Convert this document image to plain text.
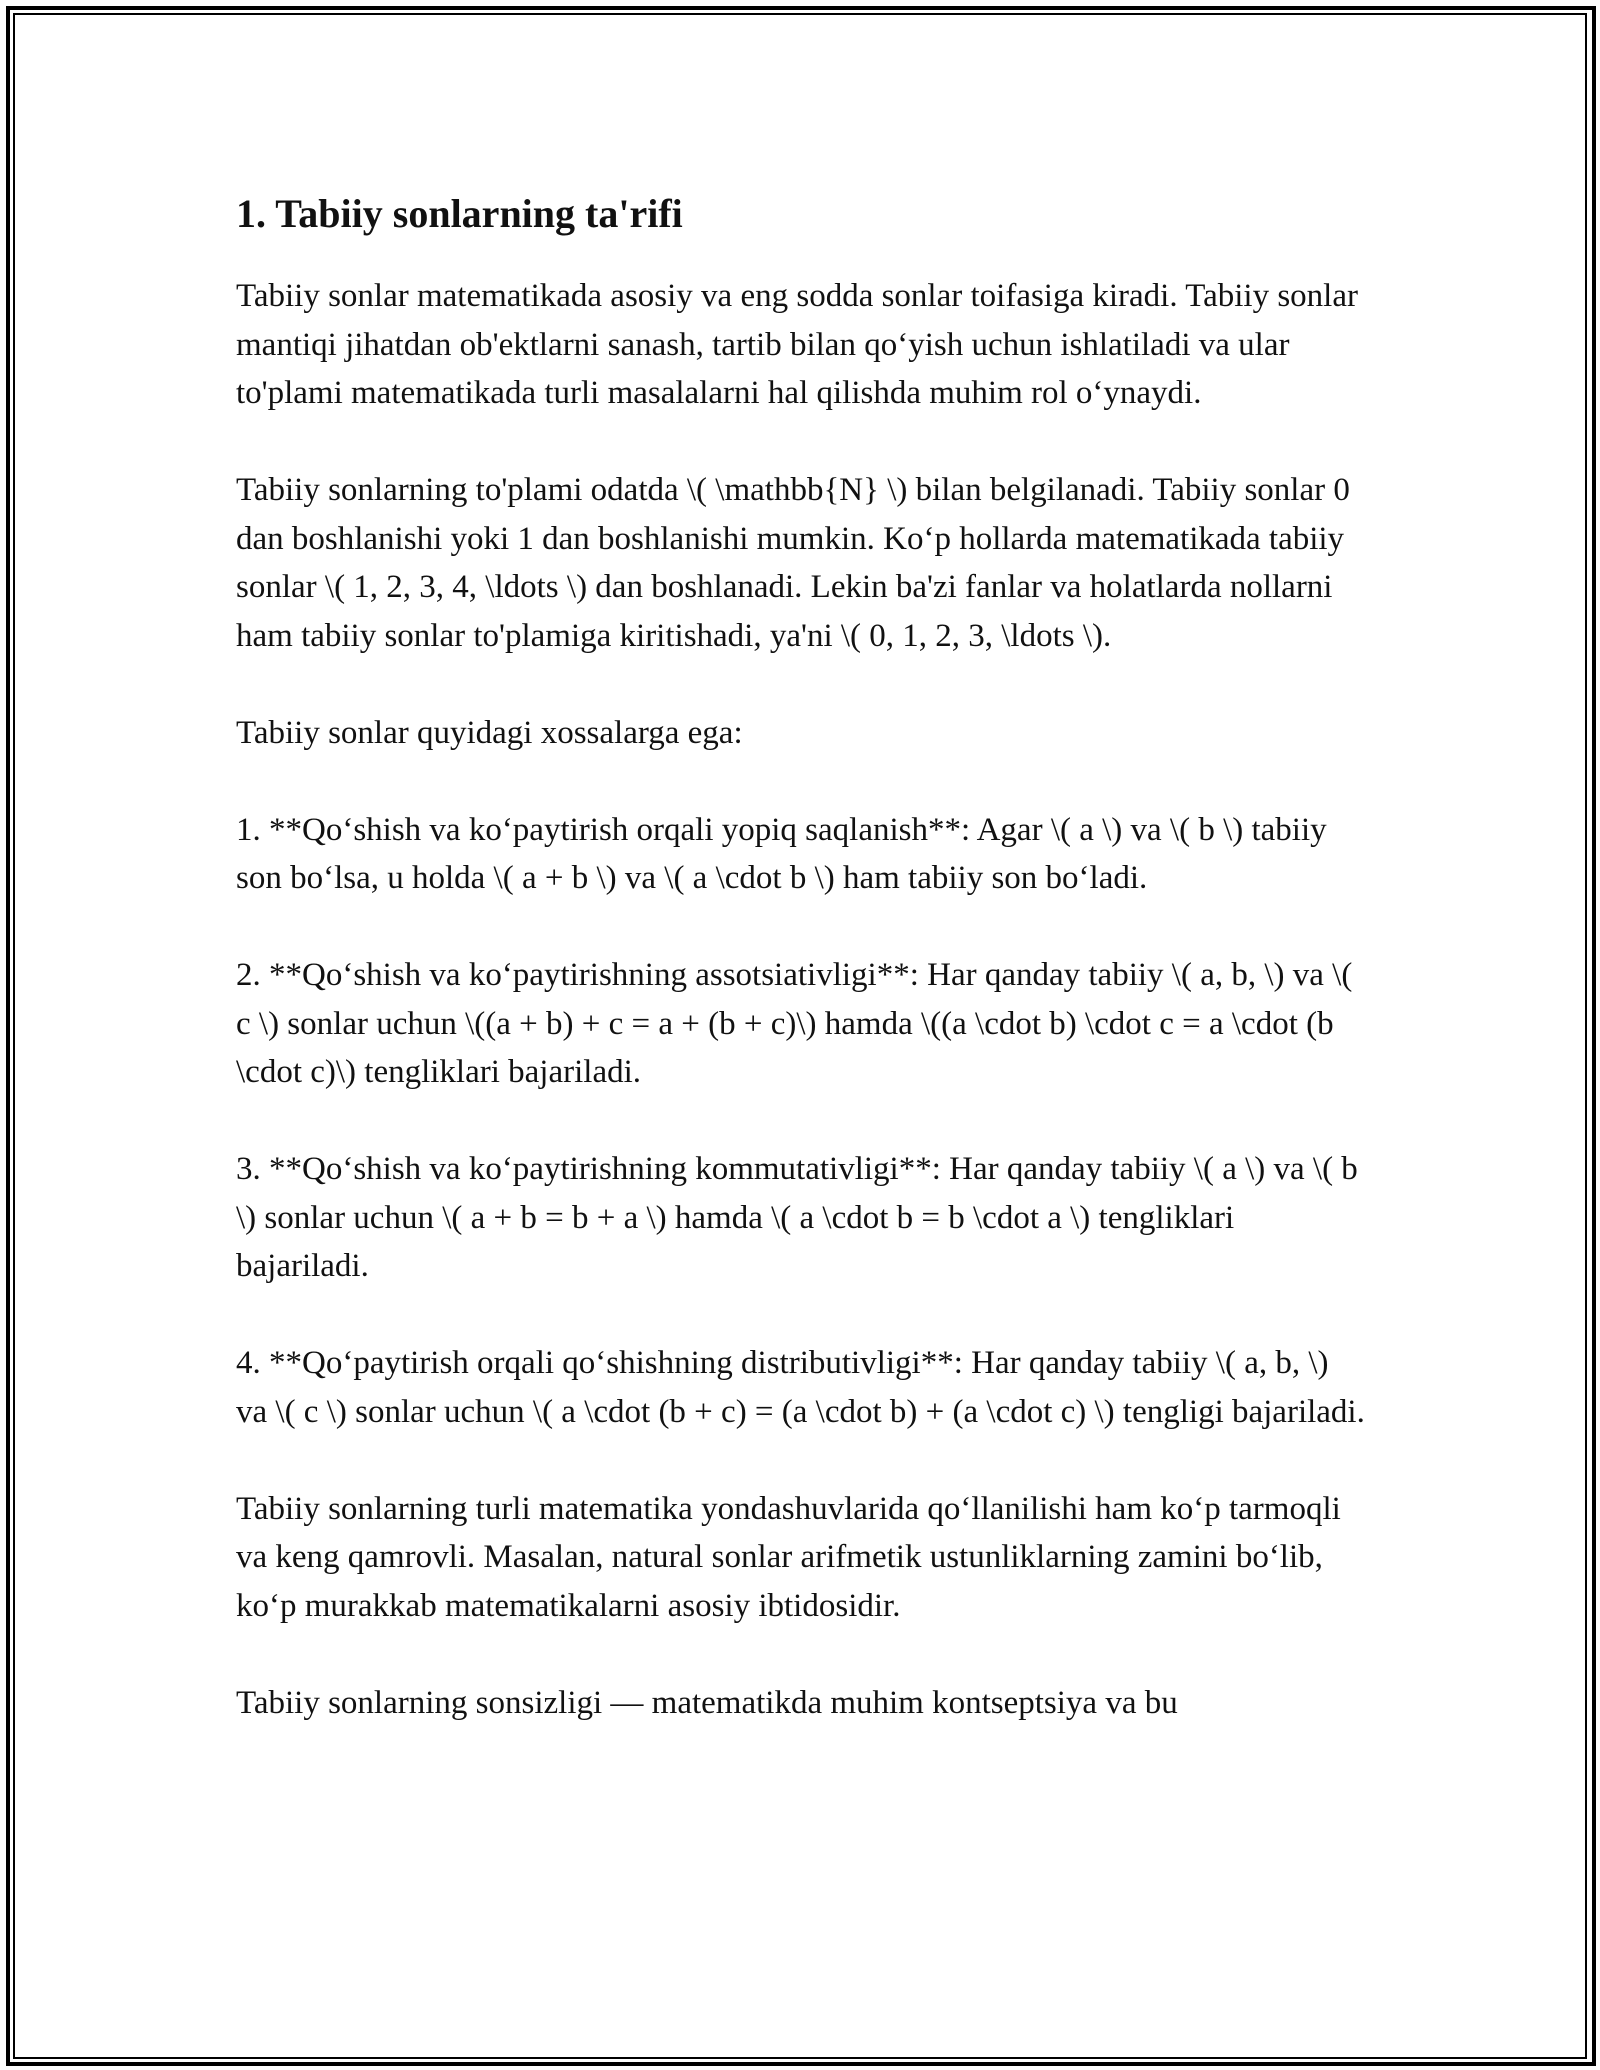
1. Tabiiy sonlarning ta'rifi

Tabiiy sonlar matematikada asosiy va eng sodda sonlar toifasiga kiradi. Tabiiy sonlar mantiqi jihatdan ob'ektlarni sanash, tartib bilan qo‘yish uchun ishlatiladi va ular to'plami matematikada turli masalalarni hal qilishda muhim rol o‘ynaydi.

Tabiiy sonlarning to'plami odatda \( \mathbb{N} \) bilan belgilanadi. Tabiiy sonlar 0 dan boshlanishi yoki 1 dan boshlanishi mumkin. Ko‘p hollarda matematikada tabiiy sonlar \( 1, 2, 3, 4, \ldots \) dan boshlanadi. Lekin ba'zi fanlar va holatlarda nollarni ham tabiiy sonlar to'plamiga kiritishadi, ya'ni \( 0, 1, 2, 3, \ldots \).

Tabiiy sonlar quyidagi xossalarga ega:

1. **Qo‘shish va ko‘paytirish orqali yopiq saqlanish**: Agar \( a \) va \( b \) tabiiy son bo‘lsa, u holda \( a + b \) va \( a \cdot b \) ham tabiiy son bo‘ladi.

2. **Qo‘shish va ko‘paytirishning assotsiativligi**: Har qanday tabiiy \( a, b, \) va \( c \) sonlar uchun \((a + b) + c = a + (b + c)\) hamda \((a \cdot b) \cdot c = a \cdot (b \cdot c)\) tengliklari bajariladi.

3. **Qo‘shish va ko‘paytirishning kommutativligi**: Har qanday tabiiy \( a \) va \( b \) sonlar uchun \( a + b = b + a \) hamda \( a \cdot b = b \cdot a \) tengliklari bajariladi.

4. **Qo‘paytirish orqali qo‘shishning distributivligi**: Har qanday tabiiy \( a, b, \) va \( c \) sonlar uchun \( a \cdot (b + c) = (a \cdot b) + (a \cdot c) \) tengligi bajariladi.

Tabiiy sonlarning turli matematika yondashuvlarida qo‘llanilishi ham ko‘p tarmoqli va keng qamrovli. Masalan, natural sonlar arifmetik ustunliklarning zamini bo‘lib, ko‘p murakkab matematikalarni asosiy ibtidosidir.

Tabiiy sonlarning sonsizligi — matematikda muhim kontseptsiya va bu
